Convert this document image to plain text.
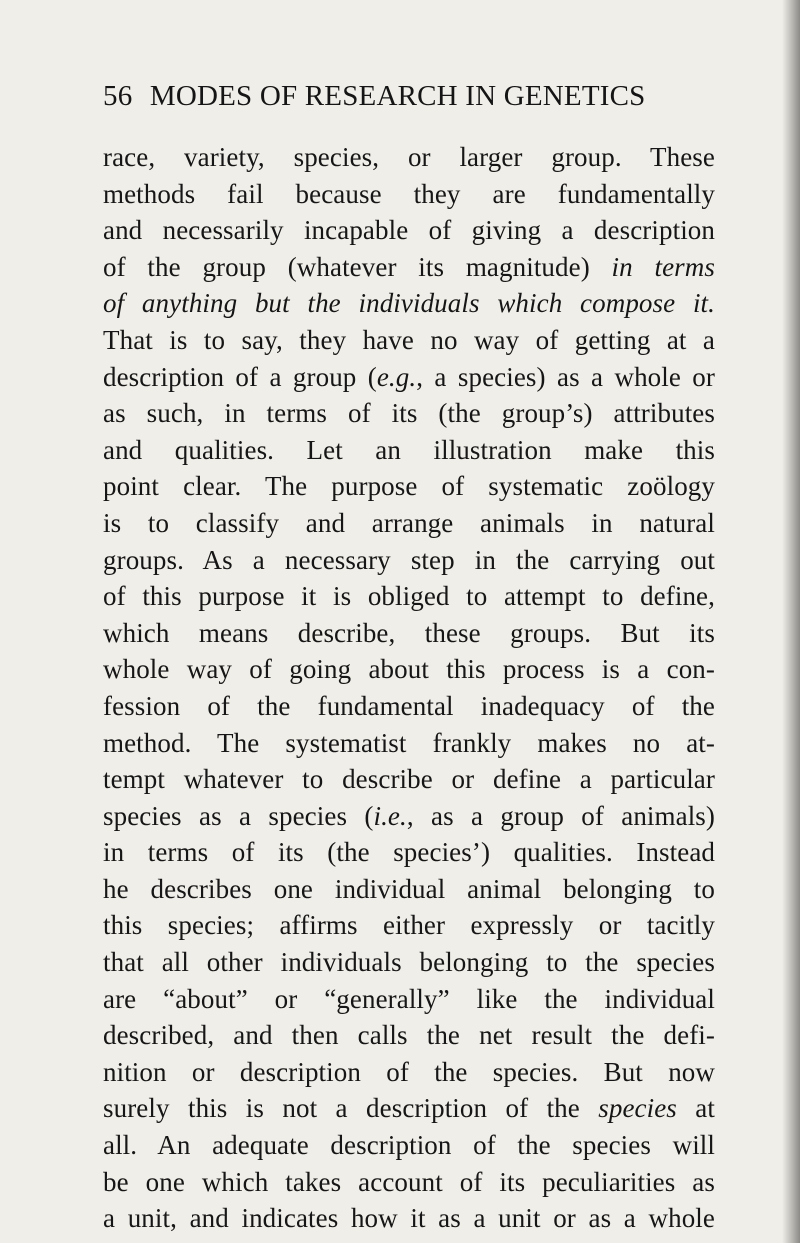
56 MODES OF RESEARCH IN GENETICS
race, variety, species, or larger group. These
methods fail because they are fundamentally
and necessarily incapable of giving a description
of the group (whatever its magnitude) in terms
of anything but the individuals which compose it.
That is to say, they have no way of getting at a
description of a group (e.g., a species) as a whole or
as such, in terms of its (the group’s) attributes
and qualities. Let an illustration make this
point clear. The purpose of systematic zoölogy
is to classify and arrange animals in natural
groups. As a necessary step in the carrying out
of this purpose it is obliged to attempt to define,
which means describe, these groups. But its
whole way of going about this process is a con-
fession of the fundamental inadequacy of the
method. The systematist frankly makes no at-
tempt whatever to describe or define a particular
species as a species (i.e., as a group of animals)
in terms of its (the species’) qualities. Instead
he describes one individual animal belonging to
this species; affirms either expressly or tacitly
that all other individuals belonging to the species
are “about” or “generally” like the individual
described, and then calls the net result the defi-
nition or description of the species. But now
surely this is not a description of the species at
all. An adequate description of the species will
be one which takes account of its peculiarities as
a unit, and indicates how it as a unit or as a whole
